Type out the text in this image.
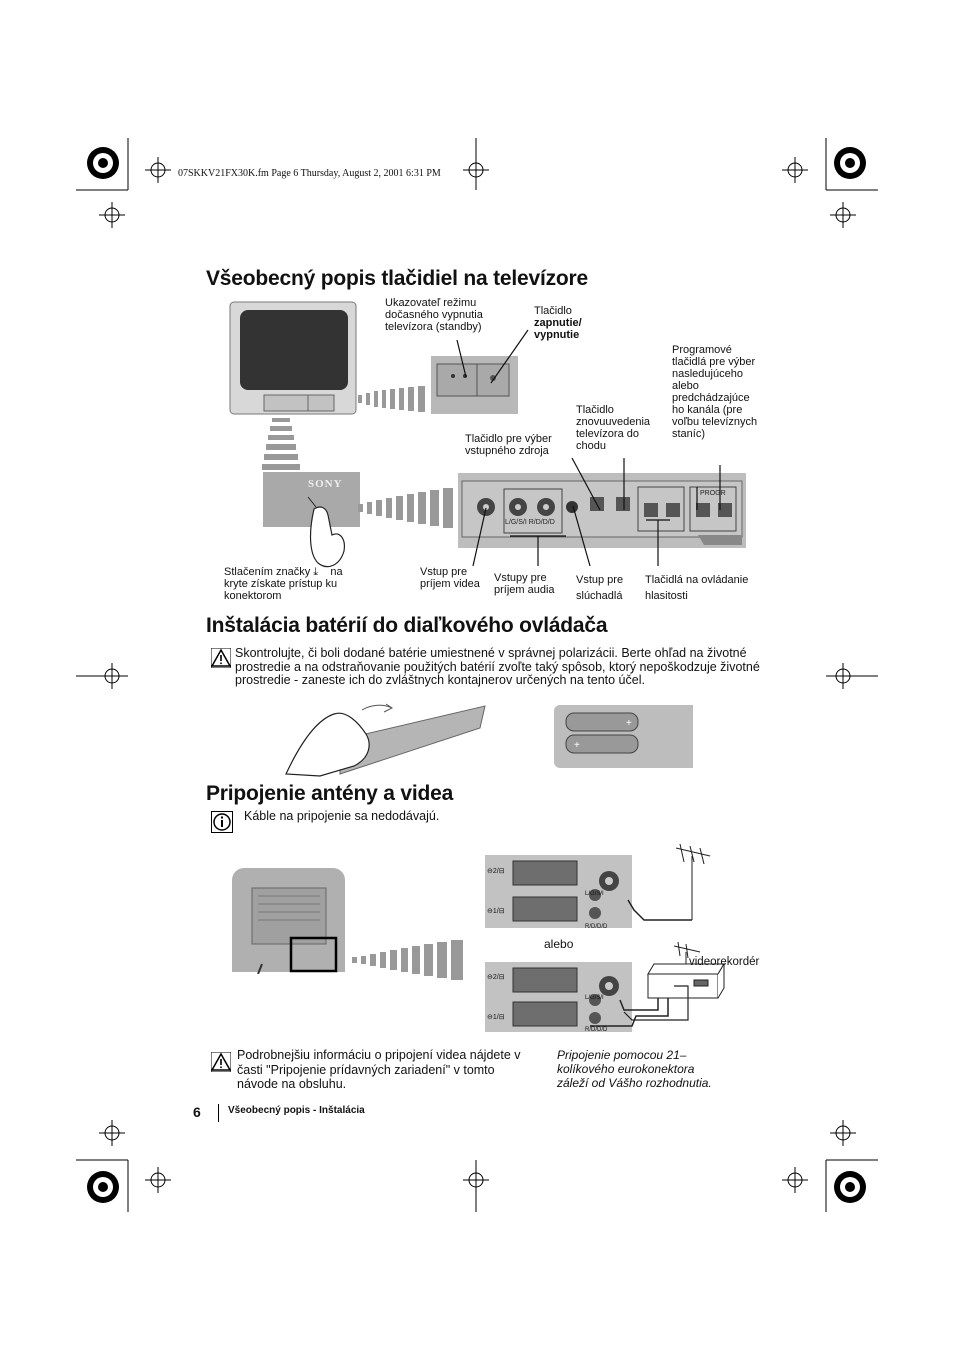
07SKKV21FX30K.fm Page 6 Thursday, August 2, 2001 6:31 PM
Všeobecný popis tlačidiel na televízore
SONY
L/G/S/I R/D/D/D
PROGR
Ukazovateľ režimu dočasného vypnutia televízora (standby)
Tlačidlo
zapnutie/ vypnutie
Programové tlačidlá pre výber nasledujúceho alebo predchádzajúce ho kanála (pre voľbu televíznych staníc)
Tlačidlo znovuuvedenia televízora do chodu
Tlačidlo pre výber vstupného zdroja
Stlačením značky ⤓ na kryte získate prístup ku konektorom
Vstup pre príjem videa Vstupy pre príjem audia
Vstup pre slúchadlá
Tlačidlá na ovládanie hlasitosti
Inštalácia batérií do diaľkového ovládača
Skontrolujte, či boli dodané batérie umiestnené v správnej polarizácii. Berte ohľad na životné prostredie a na odstraňovanie použitých batérií zvoľte taký spôsob, ktorý nepoškodzuje životné prostredie - zaneste ich do zvláštnych kontajnerov určených na tento účel.
+
+
Pripojenie antény a videa
Káble na pripojenie sa nedodávajú.
⊖2/⊟
⊖1/⊟
L/G/S/I
R/D/D/D
alebo
⊖2/⊟
⊖1/⊟
L/G/S/I
R/D/D/D
videorekordér
Podrobnejšiu informáciu o pripojení videa nájdete v časti "Pripojenie prídavných zariadení" v tomto návode na obsluhu.
Pripojenie pomocou 21–kolíkového eurokonektora záleží od Vášho rozhodnutia.
6	Všeobecný popis - Inštalácia
